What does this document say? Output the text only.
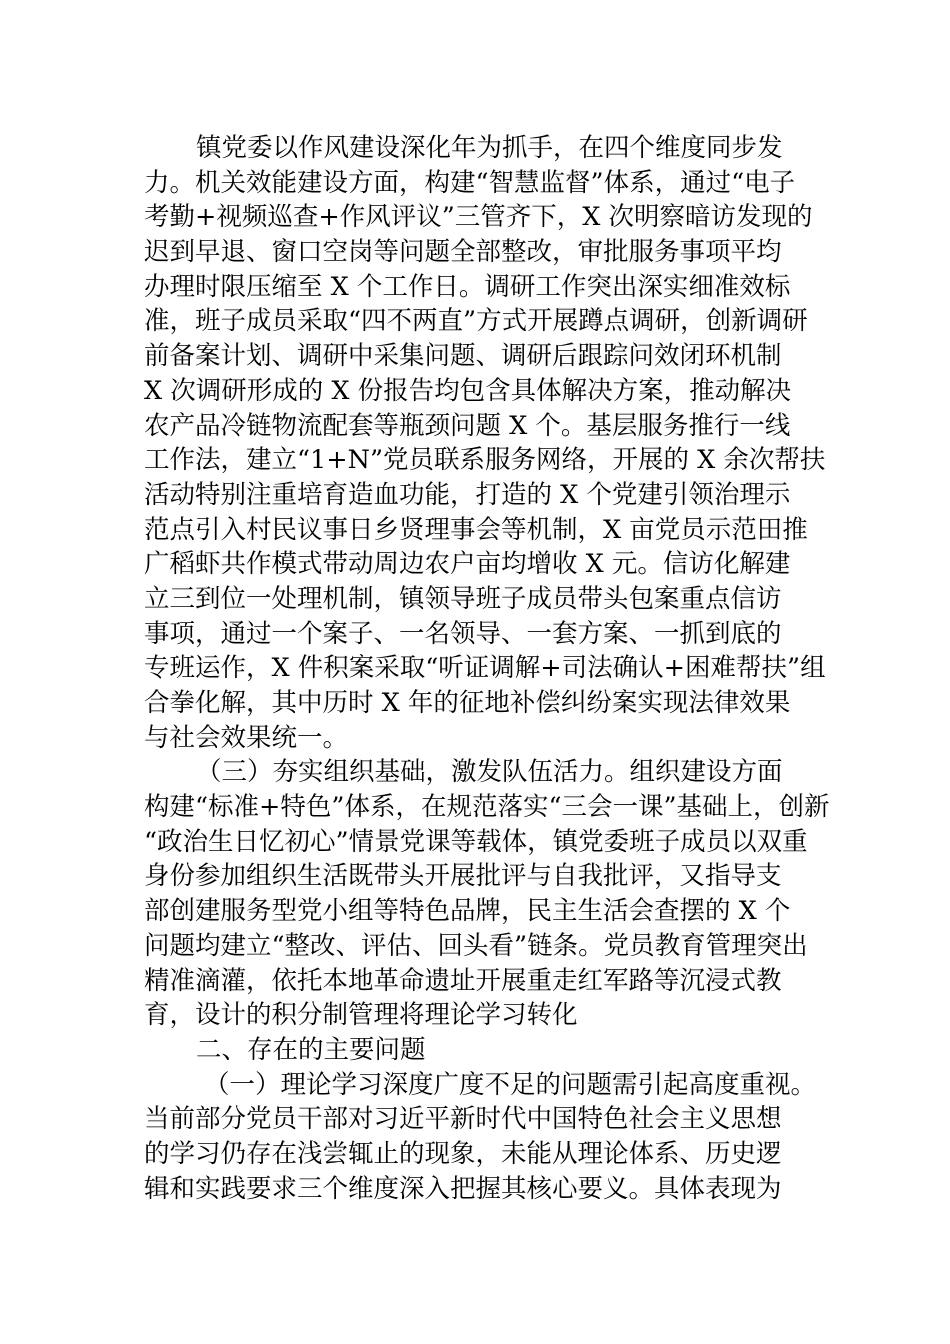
镇党委以作风建设深化年为抓手，在四个维度同步发
力。机关效能建设方面，构建“智慧监督”体系，通过“电子
考勤+视频巡查+作风评议”三管齐下，X 次明察暗访发现的
迟到早退、窗口空岗等问题全部整改，审批服务事项平均
办理时限压缩至 X 个工作日。调研工作突出深实细准效标
准，班子成员采取“四不两直”方式开展蹲点调研，创新调研
前备案计划、调研中采集问题、调研后跟踪问效闭环机制
X 次调研形成的 X 份报告均包含具体解决方案，推动解决
农产品冷链物流配套等瓶颈问题 X 个。基层服务推行一线
工作法，建立“1+N”党员联系服务网络，开展的 X 余次帮扶
活动特别注重培育造血功能，打造的 X 个党建引领治理示
范点引入村民议事日乡贤理事会等机制，X 亩党员示范田推
广稻虾共作模式带动周边农户亩均增收 X 元。信访化解建
立三到位一处理机制，镇领导班子成员带头包案重点信访
事项，通过一个案子、一名领导、一套方案、一抓到底的
专班运作，X 件积案采取“听证调解+司法确认+困难帮扶”组
合拳化解，其中历时 X 年的征地补偿纠纷案实现法律效果
与社会效果统一。
（三）夯实组织基础，激发队伍活力。组织建设方面
构建“标准+特色”体系，在规范落实“三会一课”基础上，创新
“政治生日忆初心”情景党课等载体，镇党委班子成员以双重
身份参加组织生活既带头开展批评与自我批评，又指导支
部创建服务型党小组等特色品牌，民主生活会查摆的 X 个
问题均建立“整改、评估、回头看”链条。党员教育管理突出
精准滴灌，依托本地革命遗址开展重走红军路等沉浸式教
育，设计的积分制管理将理论学习转化
二、存在的主要问题
（一）理论学习深度广度不足的问题需引起高度重视。
当前部分党员干部对习近平新时代中国特色社会主义思想
的学习仍存在浅尝辄止的现象，未能从理论体系、历史逻
辑和实践要求三个维度深入把握其核心要义。具体表现为
